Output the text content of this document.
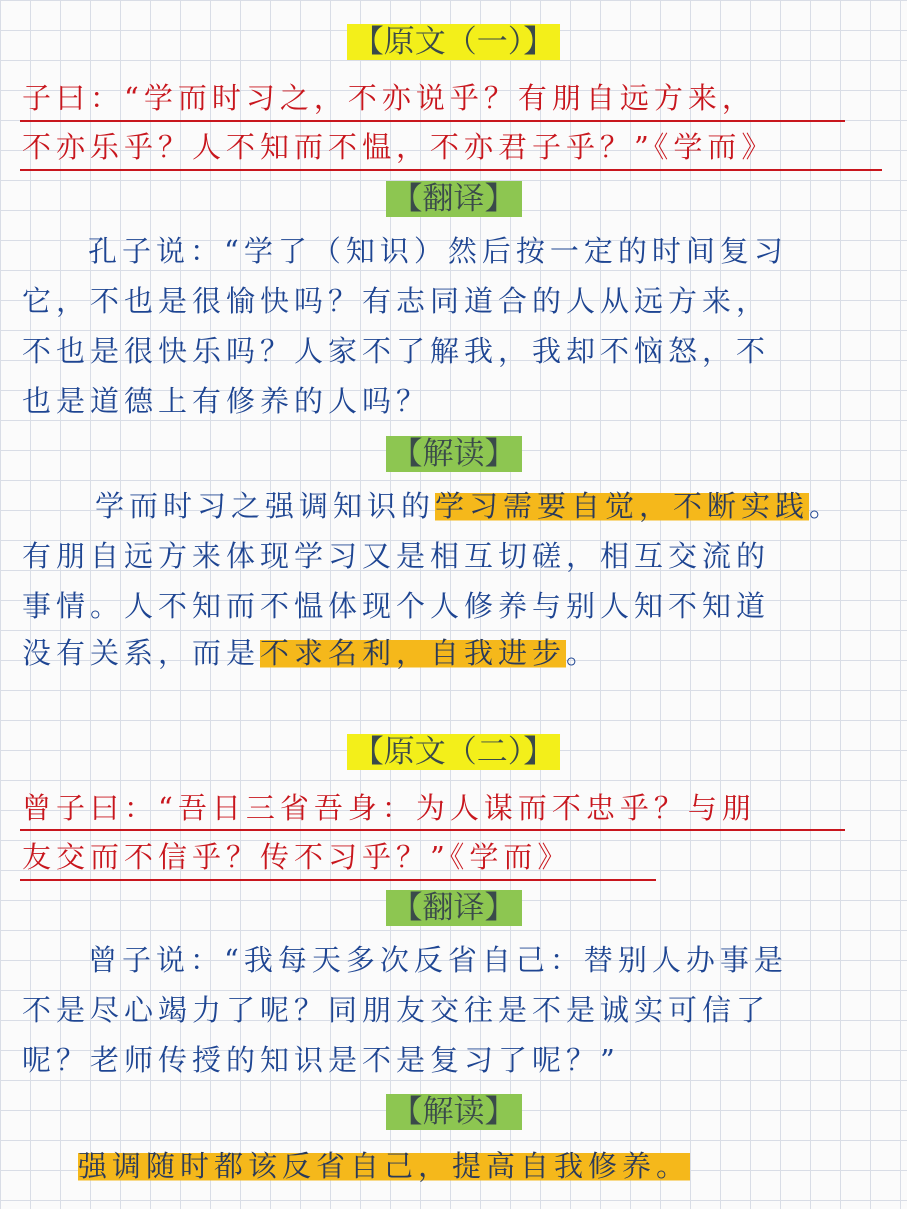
【原文（一）】
子曰：“学而时习之，不亦说乎？有朋自远方来，
不亦乐乎？人不知而不愠，不亦君子乎？”《学而》
【翻译】
孔子说：“学了（知识）然后按一定的时间复习
它，不也是很愉快吗？有志同道合的人从远方来，
不也是很快乐吗？人家不了解我，我却不恼怒，不
也是道德上有修养的人吗？
【解读】
学而时习之强调知识的学习需要自觉，不断实践。
有朋自远方来体现学习又是相互切磋，相互交流的
事情。人不知而不愠体现个人修养与别人知不知道
没有关系，而是不求名利，自我进步。
【原文（二）】
曾子曰：“吾日三省吾身：为人谋而不忠乎？与朋
友交而不信乎？传不习乎？”《学而》
【翻译】
曾子说：“我每天多次反省自己：替别人办事是
不是尽心竭力了呢？同朋友交往是不是诚实可信了
呢？老师传授的知识是不是复习了呢？”
【解读】
强调随时都该反省自己，提高自我修养。
